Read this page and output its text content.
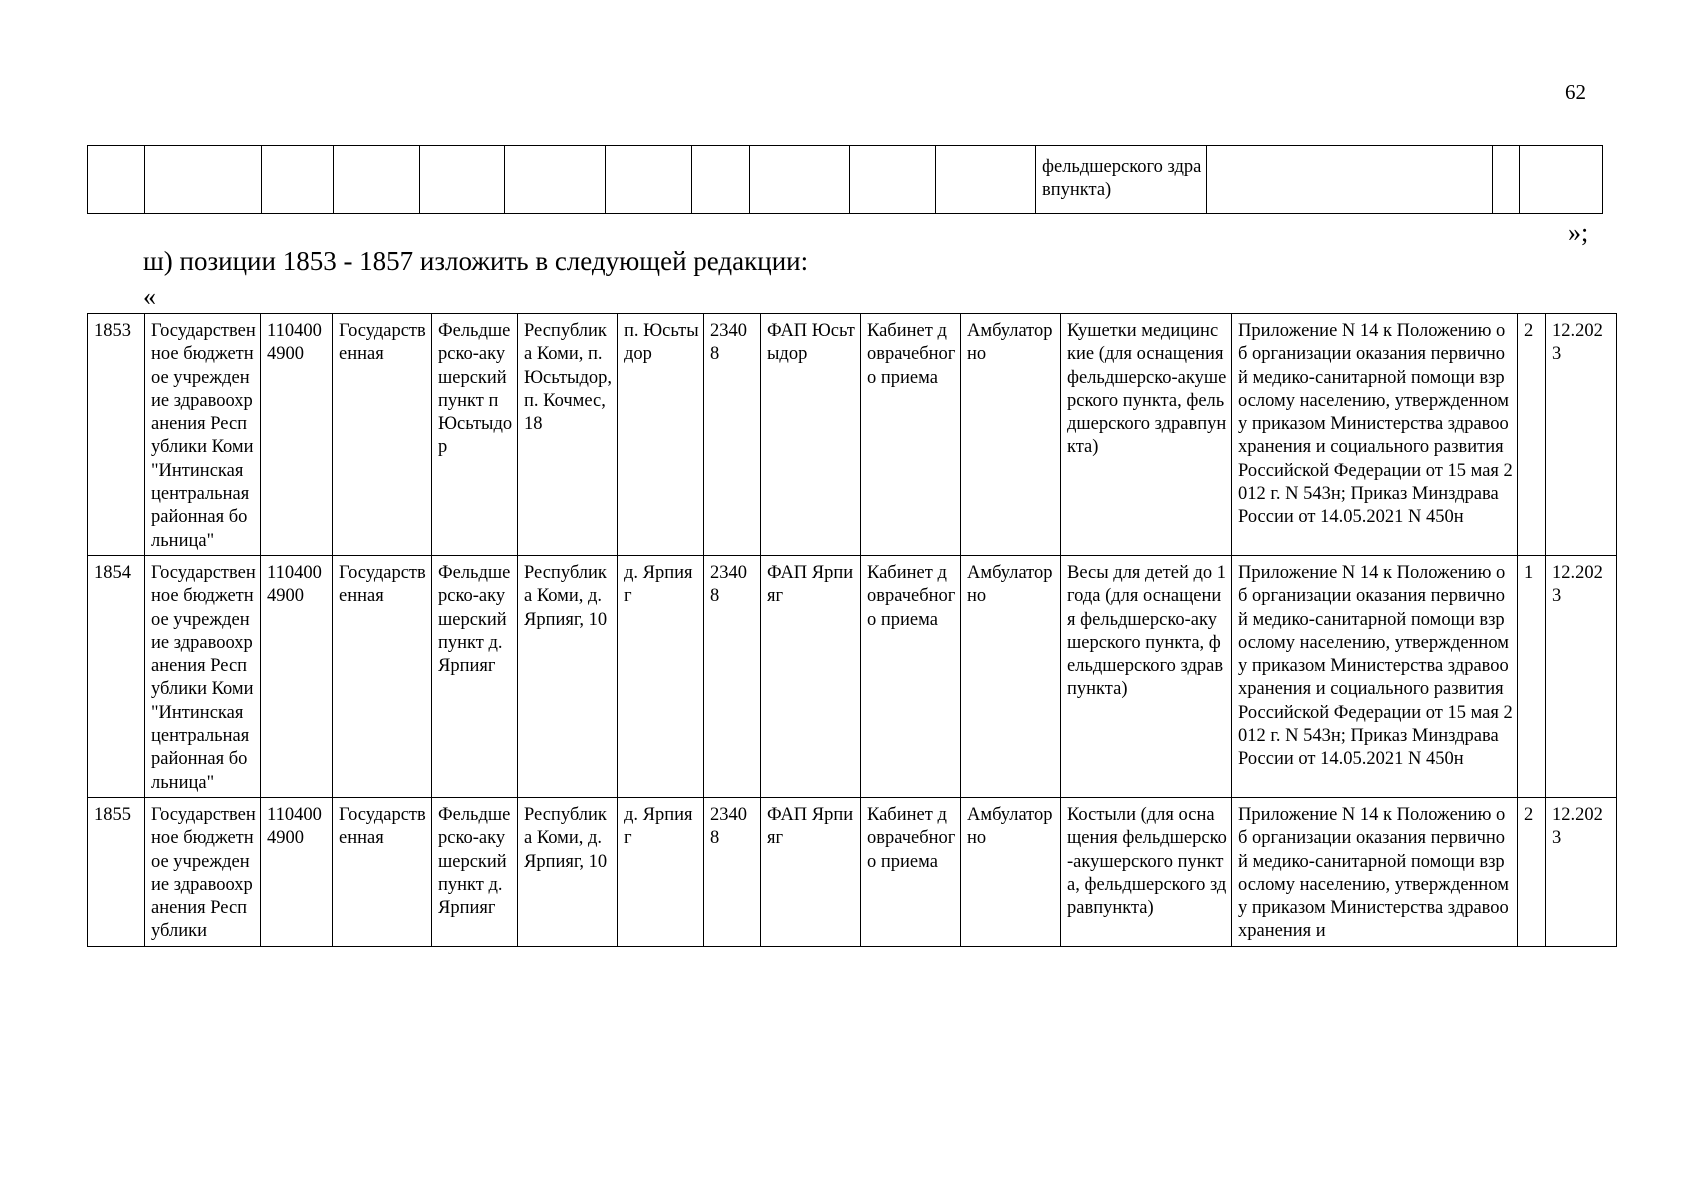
62
											фельдшерского здравпункта)			
»;
ш) позиции 1853 - 1857 изложить в следующей редакции:
«
1853	Государственное бюджетное учреждение здравоохранения Республики Коми "Интинская центральная районная больница"	1104004900	Государственная	Фельдшерско-акушерский пункт п Юсьтыдор	Республика Коми, п. Юсьтыдор, п. Кочмес, 18	п. Юсьтыдор	23408	ФАП Юсьтыдор	Кабинет доврачебного приема	Амбулаторно	Кушетки медицинские (для оснащения фельдшерско-акушерского пункта, фельдшерского здравпункта)	Приложение N 14 к Положению об организации оказания первичной медико-санитарной помощи взрослому населению, утвержденному приказом Министерства здравоохранения и социального развития Российской Федерации от 15 мая 2012 г. N 543н; Приказ Минздрава России от 14.05.2021 N 450н	2	12.2023
1854	Государственное бюджетное учреждение здравоохранения Республики Коми "Интинская центральная районная больница"	1104004900	Государственная	Фельдшерско-акушерский пункт д. Ярпияг	Республика Коми, д. Ярпияг, 10	д. Ярпияг	23408	ФАП Ярпияг	Кабинет доврачебного приема	Амбулаторно	Весы для детей до 1 года (для оснащения фельдшерско-акушерского пункта, фельдшерского здравпункта)	Приложение N 14 к Положению об организации оказания первичной медико-санитарной помощи взрослому населению, утвержденному приказом Министерства здравоохранения и социального развития Российской Федерации от 15 мая 2012 г. N 543н; Приказ Минздрава России от 14.05.2021 N 450н	1	12.2023
1855	Государственное бюджетное учреждение здравоохранения Республики	1104004900	Государственная	Фельдшерско-акушерский пункт д. Ярпияг	Республика Коми, д. Ярпияг, 10	д. Ярпияг	23408	ФАП Ярпияг	Кабинет доврачебного приема	Амбулаторно	Костыли (для оснащения фельдшерско-акушерского пункта, фельдшерского здравпункта)	Приложение N 14 к Положению об организации оказания первичной медико-санитарной помощи взрослому населению, утвержденному приказом Министерства здравоохранения и	2	12.2023
